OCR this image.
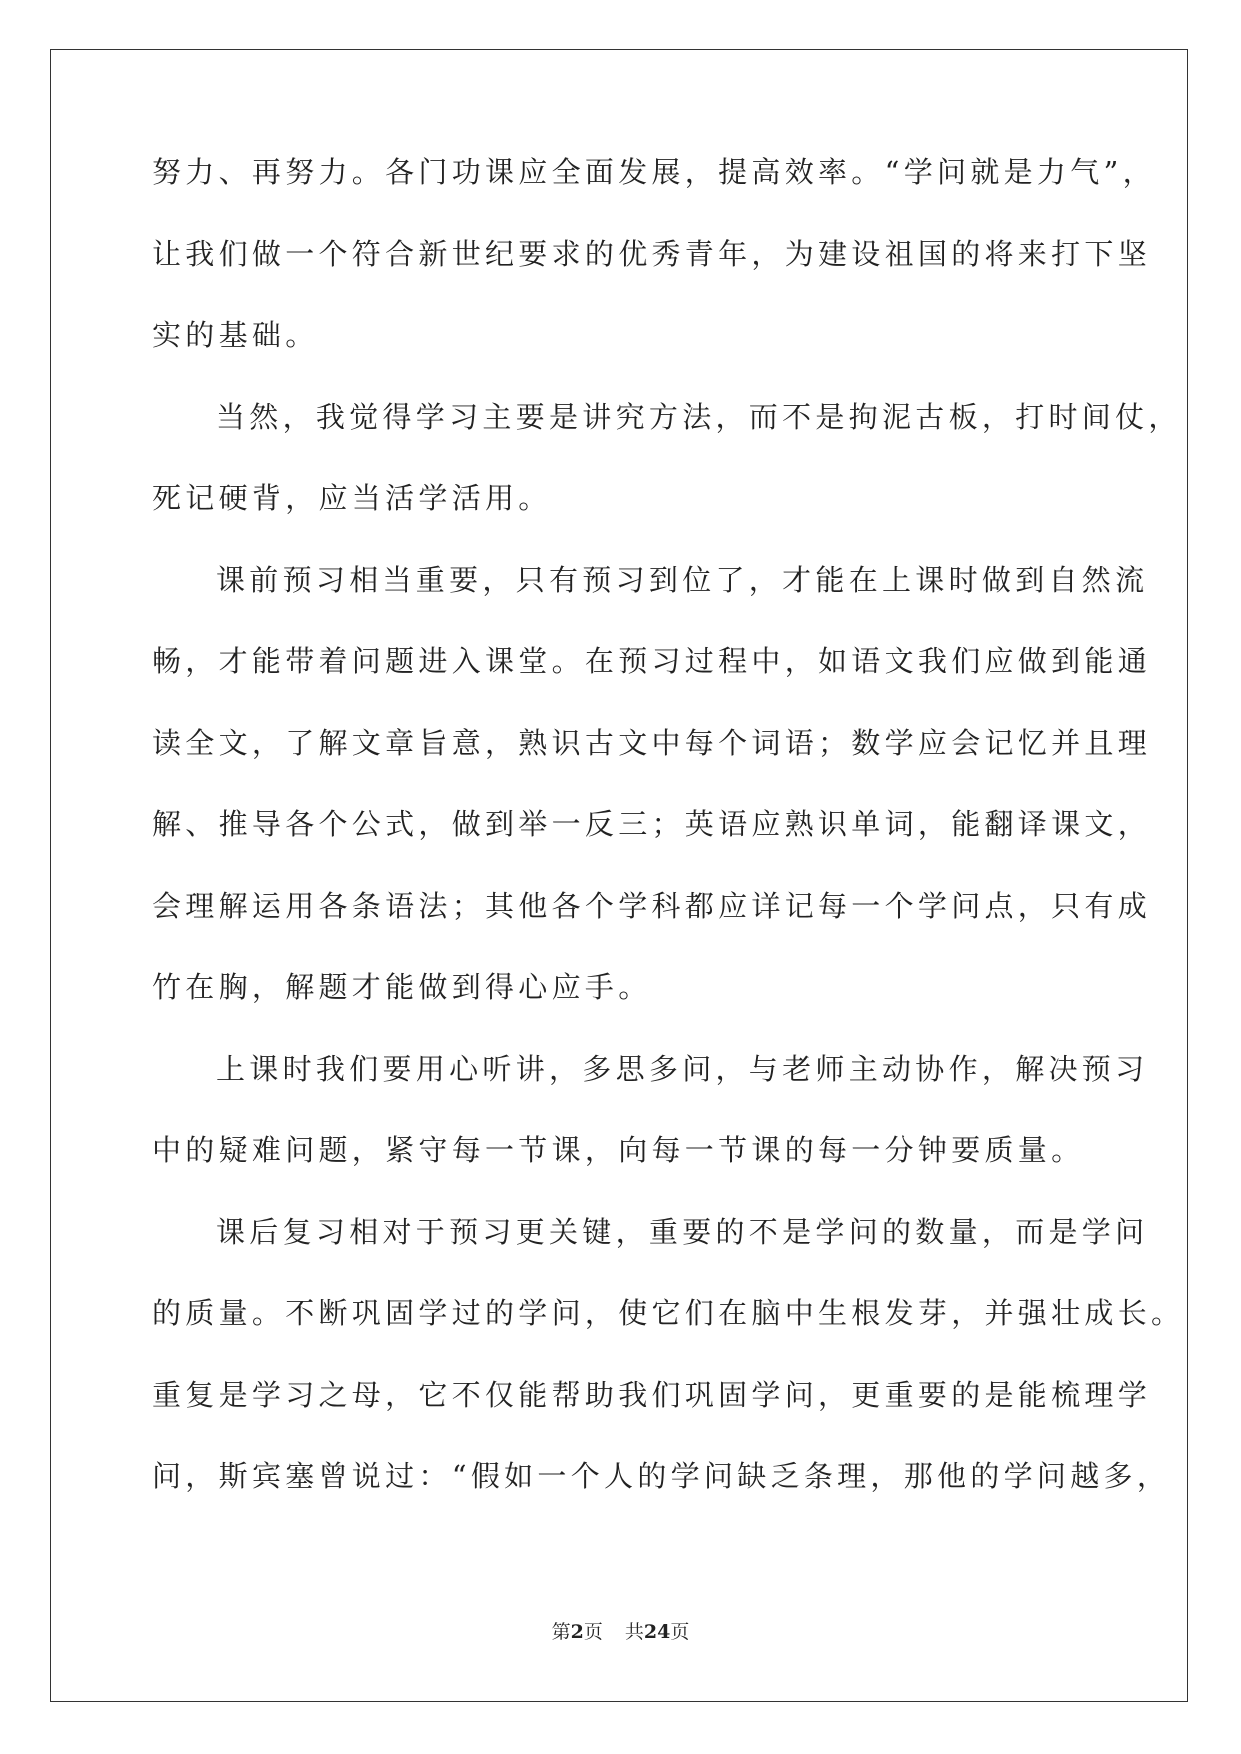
努力、再努力。各门功课应全面发展，提高效率。“学问就是力气”，
让我们做一个符合新世纪要求的优秀青年，为建设祖国的将来打下坚
实的基础。
当然，我觉得学习主要是讲究方法，而不是拘泥古板，打时间仗，
死记硬背，应当活学活用。
课前预习相当重要，只有预习到位了，才能在上课时做到自然流
畅，才能带着问题进入课堂。在预习过程中，如语文我们应做到能通
读全文，了解文章旨意，熟识古文中每个词语；数学应会记忆并且理
解、推导各个公式，做到举一反三；英语应熟识单词，能翻译课文，
会理解运用各条语法；其他各个学科都应详记每一个学问点，只有成
竹在胸，解题才能做到得心应手。
上课时我们要用心听讲，多思多问，与老师主动协作，解决预习
中的疑难问题，紧守每一节课，向每一节课的每一分钟要质量。
课后复习相对于预习更关键，重要的不是学问的数量，而是学问
的质量。不断巩固学过的学问，使它们在脑中生根发芽，并强壮成长。
重复是学习之母，它不仅能帮助我们巩固学问，更重要的是能梳理学
问，斯宾塞曾说过：“假如一个人的学问缺乏条理，那他的学问越多，
第2页 共24页
